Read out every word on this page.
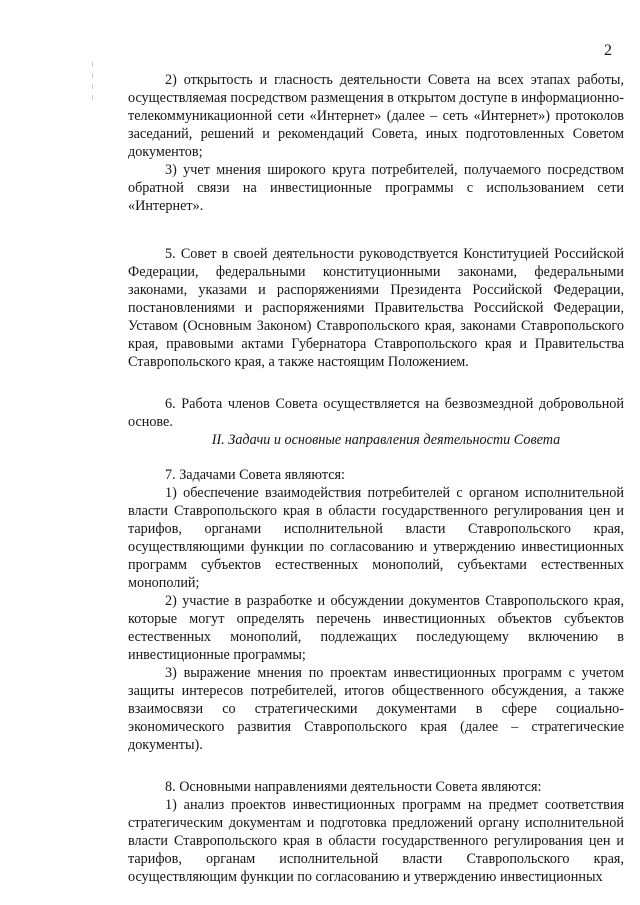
2

2) открытость и гласность деятельности Совета на всех этапах работы, осуществляемая посредством размещения в открытом доступе в информационно-телекоммуникационной сети «Интернет» (далее – сеть «Интернет») протоколов заседаний, решений и рекомендаций Совета, иных подготовленных Советом документов;

3) учет мнения широкого круга потребителей, получаемого посредством обратной связи на инвестиционные программы с использованием сети «Интернет».

5. Совет в своей деятельности руководствуется Конституцией Российской Федерации, федеральными конституционными законами, федеральными законами, указами и распоряжениями Президента Российской Федерации, постановлениями и распоряжениями Правительства Российской Федерации, Уставом (Основным Законом) Ставропольского края, законами Ставропольского края, правовыми актами Губернатора Ставропольского края и Правительства Ставропольского края, а также настоящим Положением.

6. Работа членов Совета осуществляется на безвозмездной добровольной основе.

II. Задачи и основные направления деятельности Совета

7. Задачами Совета являются:

1) обеспечение взаимодействия потребителей с органом исполнительной власти Ставропольского края в области государственного регулирования цен и тарифов, органами исполнительной власти Ставропольского края, осуществляющими функции по согласованию и утверждению инвестиционных программ субъектов естественных монополий, субъектами естественных монополий;

2) участие в разработке и обсуждении документов Ставропольского края, которые могут определять перечень инвестиционных объектов субъектов естественных монополий, подлежащих последующему включению в инвестиционные программы;

3) выражение мнения по проектам инвестиционных программ с учетом защиты интересов потребителей, итогов общественного обсуждения, а также взаимосвязи со стратегическими документами в сфере социально-экономического развития Ставропольского края (далее – стратегические документы).

8. Основными направлениями деятельности Совета являются:

1) анализ проектов инвестиционных программ на предмет соответствия стратегическим документам и подготовка предложений органу исполнительной власти Ставропольского края в области государственного регулирования цен и тарифов, органам исполнительной власти Ставропольского края, осуществляющим функции по согласованию и утверждению инвестиционных
